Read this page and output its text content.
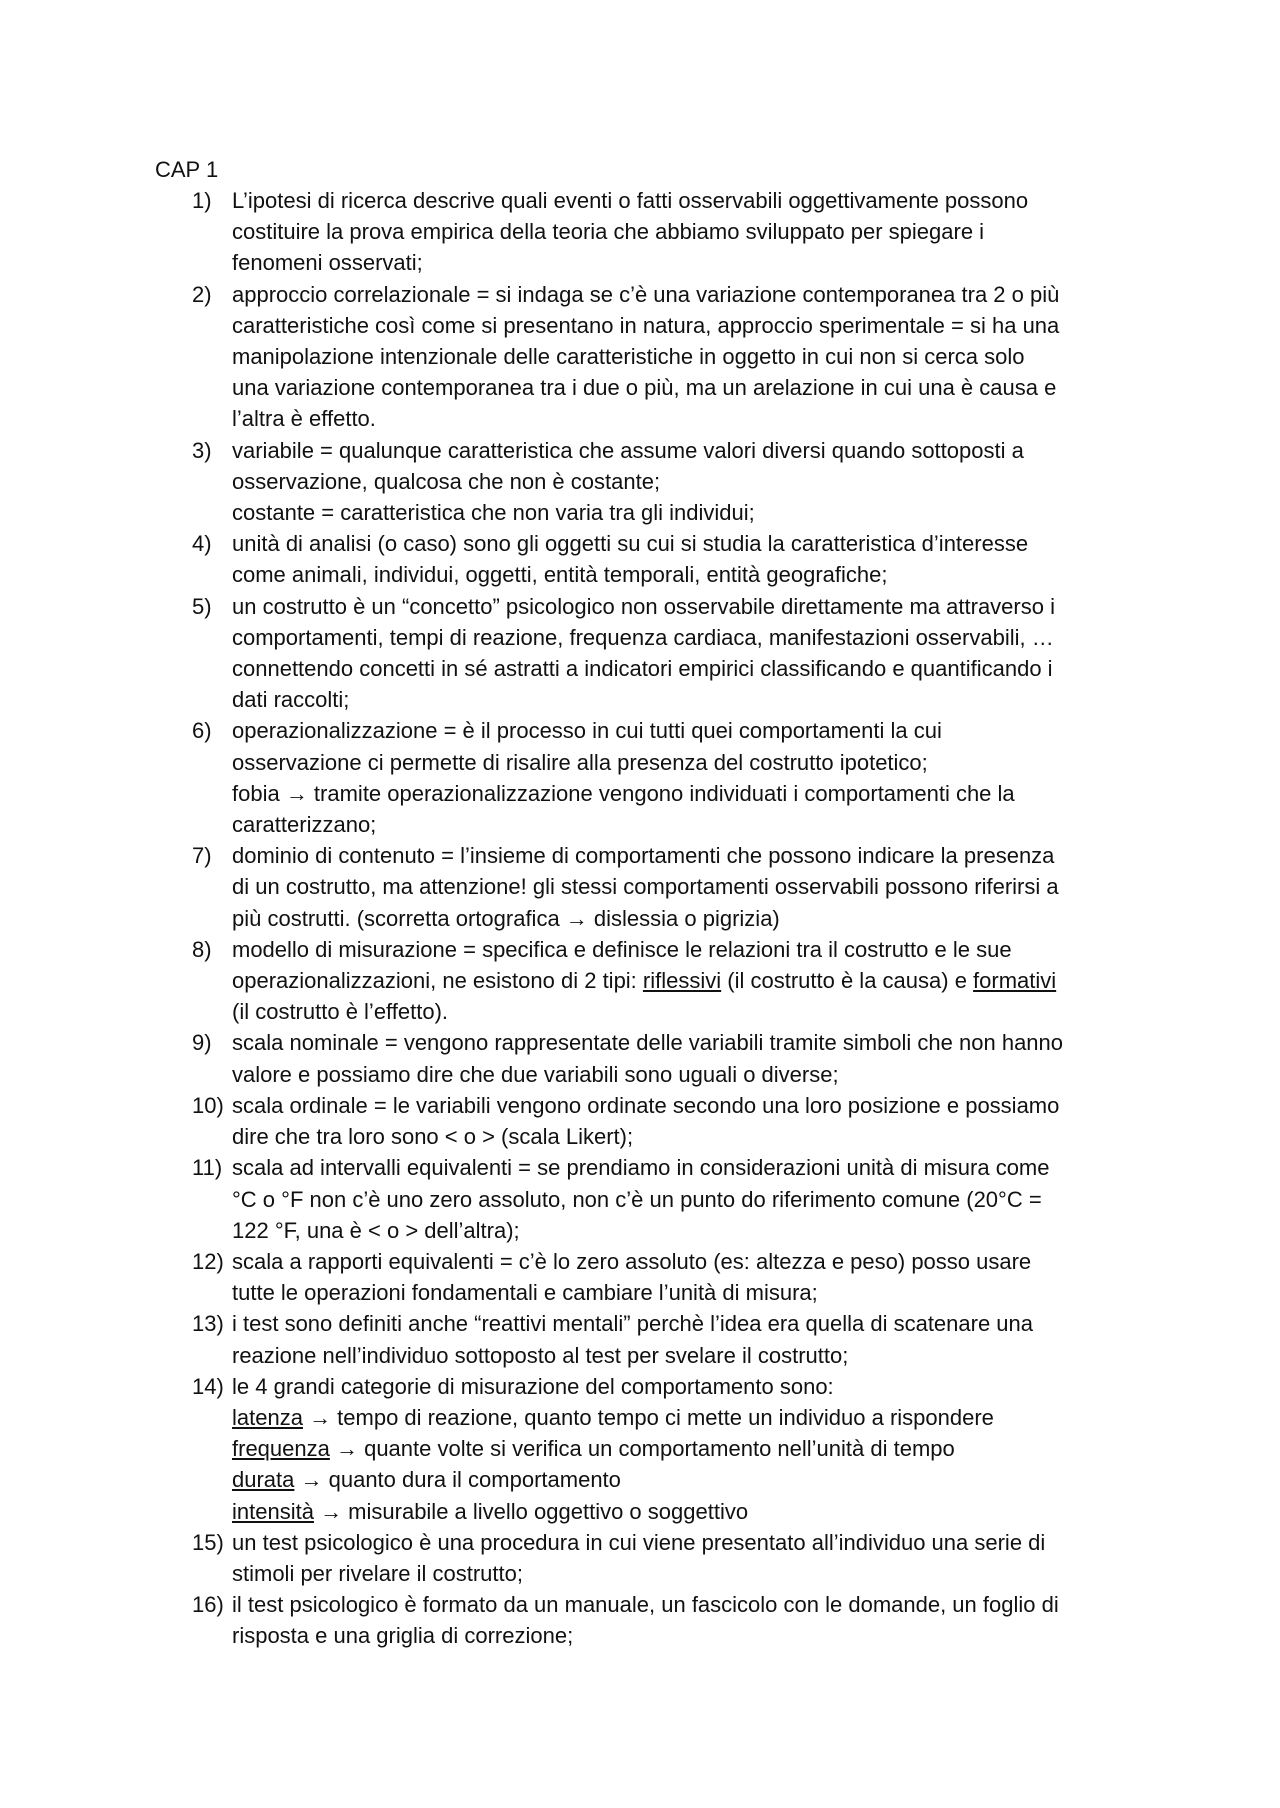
CAP 1
1) L’ipotesi di ricerca descrive quali eventi o fatti osservabili oggettivamente possono
costituire la prova empirica della teoria che abbiamo sviluppato per spiegare i
fenomeni osservati;
2) approccio correlazionale = si indaga se c’è una variazione contemporanea tra 2 o più
caratteristiche così come si presentano in natura, approccio sperimentale = si ha una
manipolazione intenzionale delle caratteristiche in oggetto in cui non si cerca solo
una variazione contemporanea tra i due o più, ma un arelazione in cui una è causa e
l’altra è effetto.
3) variabile = qualunque caratteristica che assume valori diversi quando sottoposti a
osservazione, qualcosa che non è costante;
costante = caratteristica che non varia tra gli individui;
4) unità di analisi (o caso) sono gli oggetti su cui si studia la caratteristica d’interesse
come animali, individui, oggetti, entità temporali, entità geografiche;
5) un costrutto è un “concetto” psicologico non osservabile direttamente ma attraverso i
comportamenti, tempi di reazione, frequenza cardiaca, manifestazioni osservabili, …
connettendo concetti in sé astratti a indicatori empirici classificando e quantificando i
dati raccolti;
6) operazionalizzazione = è il processo in cui tutti quei comportamenti la cui
osservazione ci permette di risalire alla presenza del costrutto ipotetico;
fobia → tramite operazionalizzazione vengono individuati i comportamenti che la
caratterizzano;
7) dominio di contenuto = l’insieme di comportamenti che possono indicare la presenza
di un costrutto, ma attenzione! gli stessi comportamenti osservabili possono riferirsi a
più costrutti. (scorretta ortografica → dislessia o pigrizia)
8) modello di misurazione = specifica e definisce le relazioni tra il costrutto e le sue
operazionalizzazioni, ne esistono di 2 tipi: riflessivi (il costrutto è la causa) e formativi
(il costrutto è l’effetto).
9) scala nominale = vengono rappresentate delle variabili tramite simboli che non hanno
valore e possiamo dire che due variabili sono uguali o diverse;
10) scala ordinale = le variabili vengono ordinate secondo una loro posizione e possiamo
dire che tra loro sono < o > (scala Likert);
11) scala ad intervalli equivalenti = se prendiamo in considerazioni unità di misura come
°C o °F non c’è uno zero assoluto, non c’è un punto do riferimento comune (20°C =
122 °F, una è < o > dell’altra);
12) scala a rapporti equivalenti = c’è lo zero assoluto (es: altezza e peso) posso usare
tutte le operazioni fondamentali e cambiare l’unità di misura;
13) i test sono definiti anche “reattivi mentali” perchè l’idea era quella di scatenare una
reazione nell’individuo sottoposto al test per svelare il costrutto;
14) le 4 grandi categorie di misurazione del comportamento sono:
latenza → tempo di reazione, quanto tempo ci mette un individuo a rispondere
frequenza → quante volte si verifica un comportamento nell’unità di tempo
durata → quanto dura il comportamento
intensità → misurabile a livello oggettivo o soggettivo
15) un test psicologico è una procedura in cui viene presentato all’individuo una serie di
stimoli per rivelare il costrutto;
16) il test psicologico è formato da un manuale, un fascicolo con le domande, un foglio di
risposta e una griglia di correzione;
